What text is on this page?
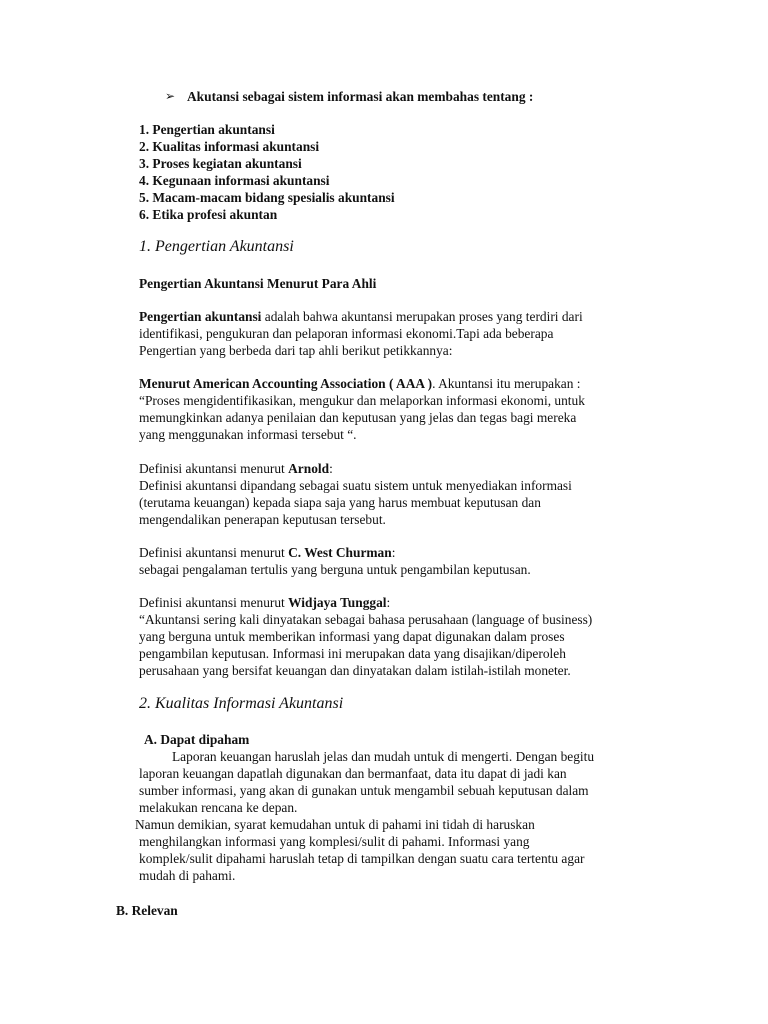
➢ Akutansi sebagai sistem informasi akan membahas tentang :
1. Pengertian akuntansi
2. Kualitas informasi akuntansi
3. Proses kegiatan akuntansi
4. Kegunaan informasi akuntansi
5. Macam-macam bidang spesialis akuntansi
6. Etika profesi akuntan
1. Pengertian Akuntansi
Pengertian Akuntansi Menurut Para Ahli
Pengertian akuntansi adalah bahwa akuntansi merupakan proses yang terdiri dari
identifikasi, pengukuran dan pelaporan informasi ekonomi.Tapi ada beberapa
Pengertian yang berbeda dari tap ahli berikut petikkannya:
Menurut American Accounting Association ( AAA ). Akuntansi itu merupakan :
“Proses mengidentifikasikan, mengukur dan melaporkan informasi ekonomi, untuk
memungkinkan adanya penilaian dan keputusan yang jelas dan tegas bagi mereka
yang menggunakan informasi tersebut “.
Definisi akuntansi menurut Arnold:
Definisi akuntansi dipandang sebagai suatu sistem untuk menyediakan informasi
(terutama keuangan) kepada siapa saja yang harus membuat keputusan dan
mengendalikan penerapan keputusan tersebut.
Definisi akuntansi menurut C. West Churman:
sebagai pengalaman tertulis yang berguna untuk pengambilan keputusan.
Definisi akuntansi menurut Widjaya Tunggal:
“Akuntansi sering kali dinyatakan sebagai bahasa perusahaan (language of business)
yang berguna untuk memberikan informasi yang dapat digunakan dalam proses
pengambilan keputusan. Informasi ini merupakan data yang disajikan/diperoleh
perusahaan yang bersifat keuangan dan dinyatakan dalam istilah-istilah moneter.
2. Kualitas Informasi Akuntansi
A. Dapat dipaham
Laporan keuangan haruslah jelas dan mudah untuk di mengerti. Dengan begitu
laporan keuangan dapatlah digunakan dan bermanfaat, data itu dapat di jadi kan
sumber informasi, yang akan di gunakan untuk mengambil sebuah keputusan dalam
melakukan rencana ke depan.
Namun demikian, syarat kemudahan untuk di pahami ini tidah di haruskan
menghilangkan informasi yang komplesi/sulit di pahami. Informasi yang
komplek/sulit dipahami haruslah tetap di tampilkan dengan suatu cara tertentu agar
mudah di pahami.
B. Relevan
